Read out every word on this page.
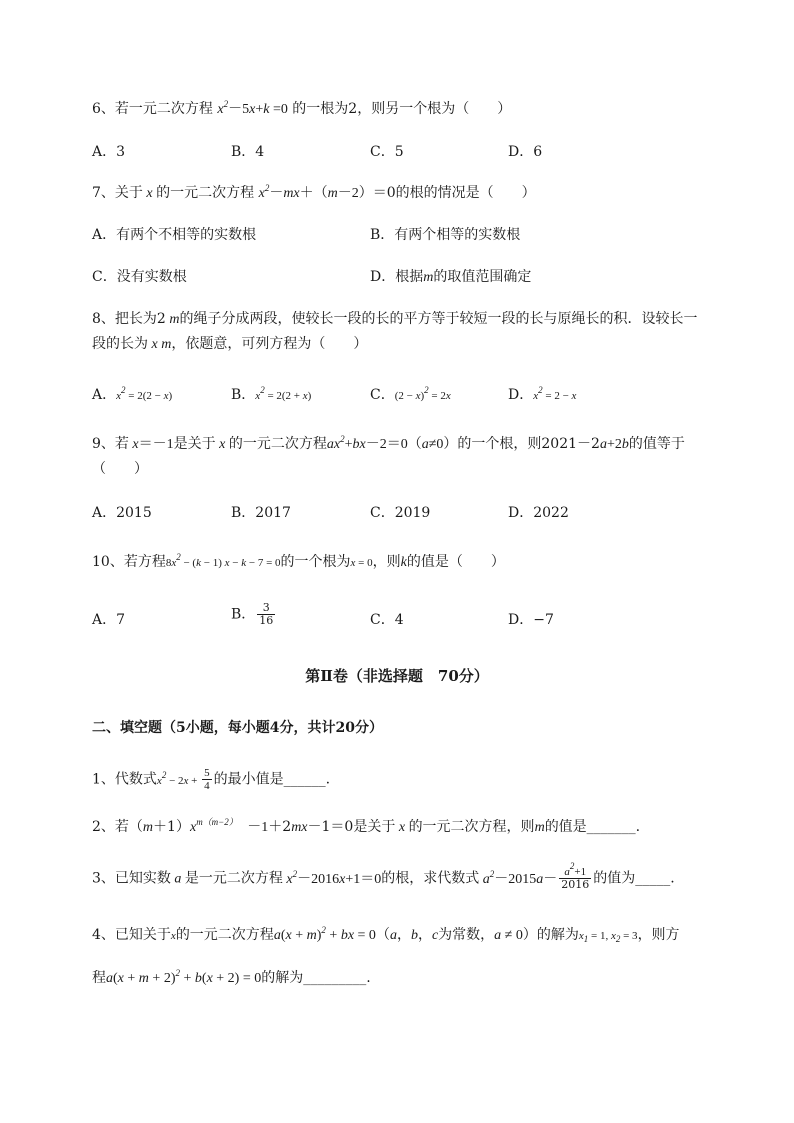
6、若一元二次方程 $x^2-5x+k =0$ 的一根为2，则另一个根为（　　）
A．3	B．4	C．5	D．6
7、关于 x 的一元二次方程 $x^2-mx+(m-2)=0$的根的情况是（　　）
A．有两个不相等的实数根	B．有两个相等的实数根
C．没有实数根	D．根据m的取值范围确定
8、把长为2 m的绳子分成两段，使较长一段的长的平方等于较短一段的长与原绳长的积．设较长一
段的长为 x m，依题意，可列方程为（　　）
A．$x^2 = 2(2 - x)$	B．$x^2 = 2(2 + x)$	C．$(2 - x)^2 = 2x$	D．$x^2 = 2 - x$
9、若 x＝－1是关于 x 的一元二次方程$ax^2+bx-2=0(a\ne 0)$的一个根，则2021－2a+2b的值等于
（　　）
A．2015	B．2017	C．2019	D．2022
10、若方程$8x^2 - (k - 1) x - k - 7 = 0$的一个根为x = 0，则k的值是（　　）
A．7	B． $\frac{3}{16}$	C．4	D．−7
第Ⅱ卷（非选择题　70分）
二、填空题（5小题，每小题4分，共计20分）
1、代数式$x^2 - 2x + \frac{5}{4}$ 的最小值是______.
2、若$(m+1)x^{m(m-2)}$　－1＋2mx－1＝0是关于 x 的一元二次方程，则m的值是_______.
3、已知实数 a 是一元二次方程 $x^2-2016x+1=0$的根，求代数式 $a^2-2015a- \frac{a^2+1}{2016}$ 的值为_____.
4、已知关于x的一元二次方程$a(x + m)^2$ + bx = 0（a，b，c为常数，a ≠ 0）的解为$x_1 = 1$, $x_2 = 3$，则方
程$a(x + m + 2)^2 + b(x + 2) = 0$的解为_________.
